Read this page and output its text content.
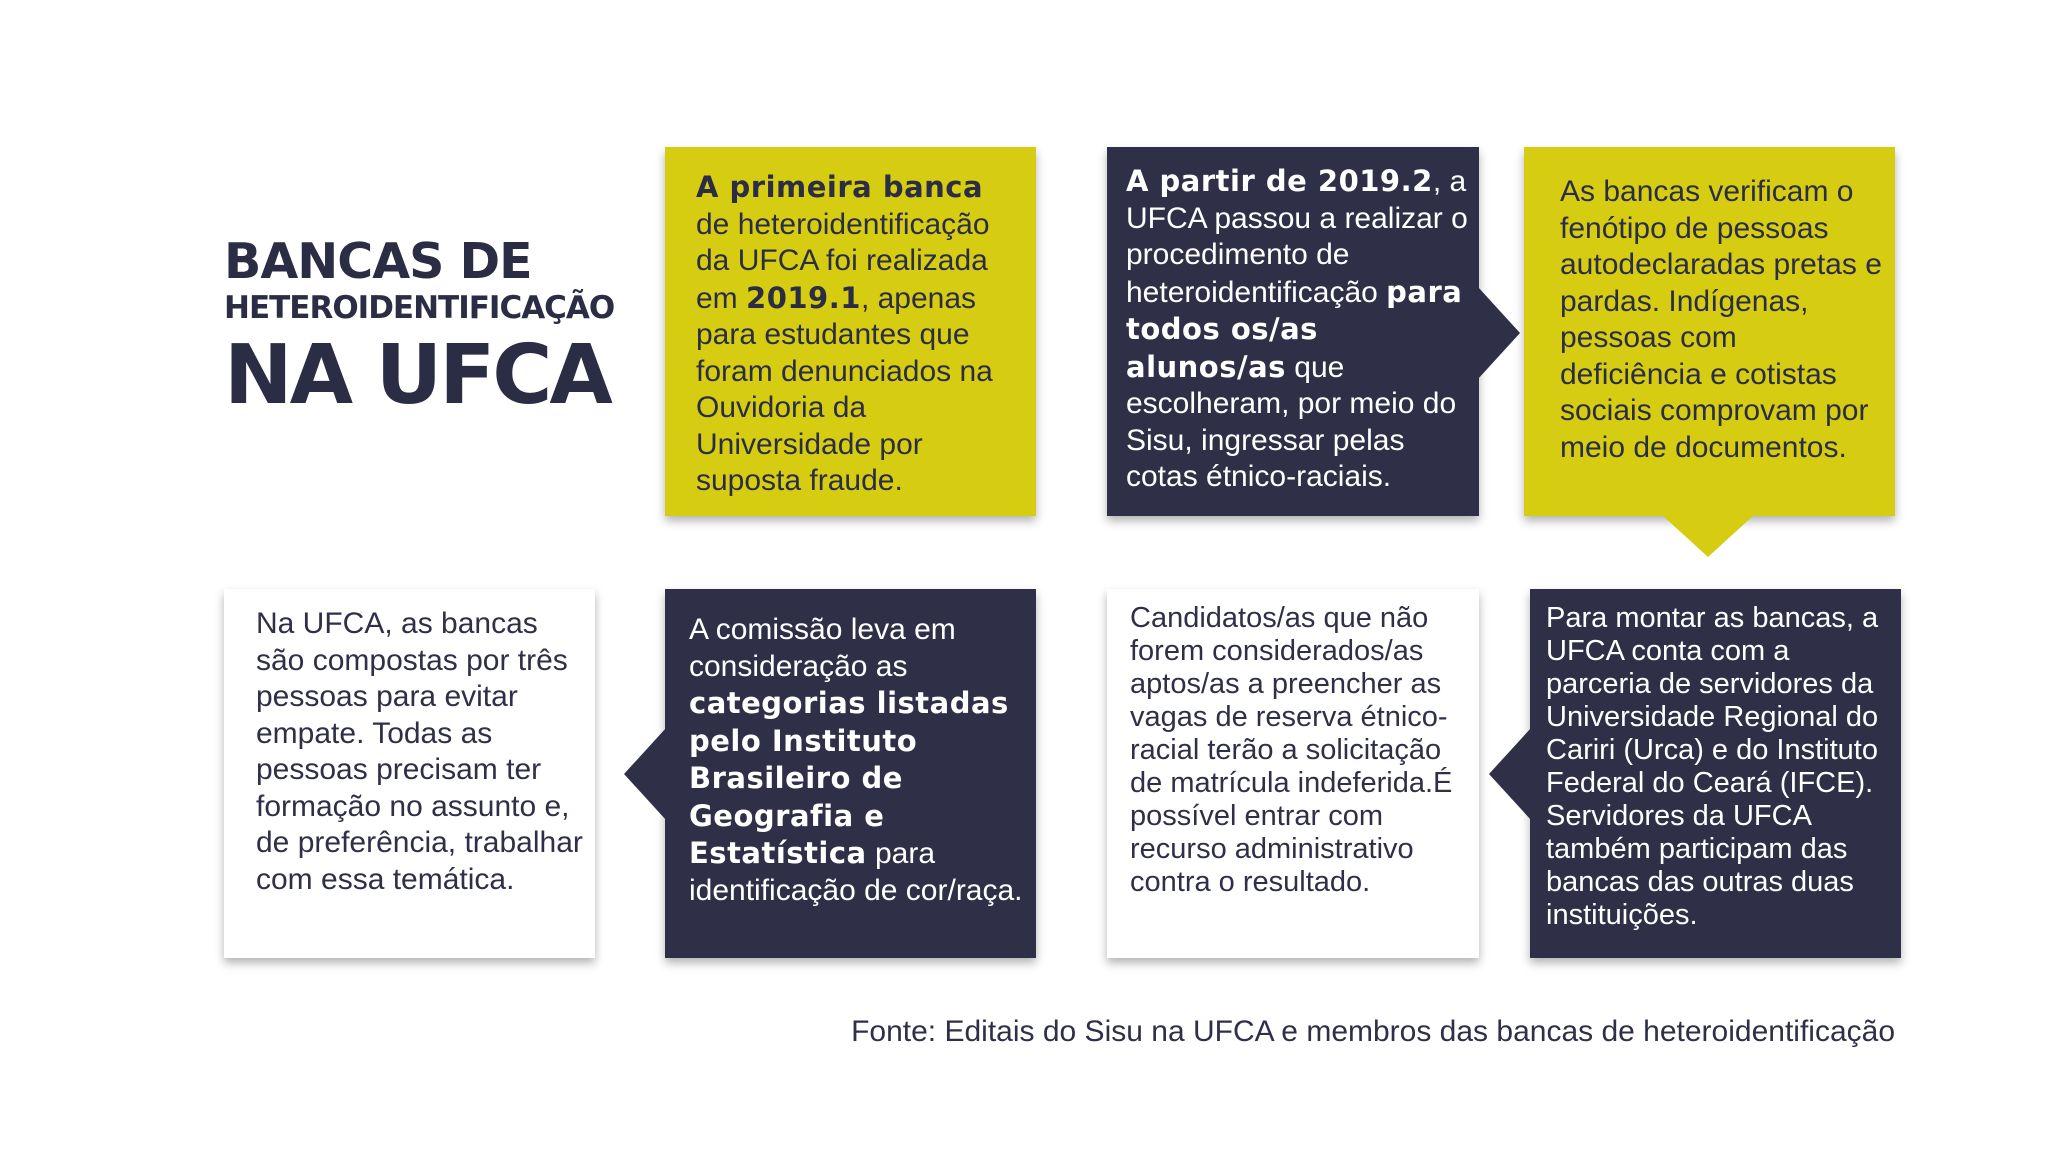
BANCAS DE
HETEROIDENTIFICAÇÃO
NA UFCA
A primeira banca de heteroidentificação da UFCA foi realizada em 2019.1, apenas para estudantes que foram denunciados na Ouvidoria da Universidade por suposta fraude.
A partir de 2019.2, a UFCA passou a realizar o procedimento de heteroidentificação para todos os/as alunos/as que escolheram, por meio do Sisu, ingressar pelas cotas étnico-raciais.
As bancas verificam o fenótipo de pessoas autodeclaradas pretas e pardas. Indígenas, pessoas com deficiência e cotistas sociais comprovam por meio de documentos.
Na UFCA, as bancas são compostas por três pessoas para evitar empate. Todas as pessoas precisam ter formação no assunto e, de preferência, trabalhar com essa temática.
A comissão leva em consideração as categorias listadas pelo Instituto Brasileiro de Geografia e Estatística para identificação de cor/raça.
Candidatos/as que não forem considerados/as aptos/as a preencher as vagas de reserva étnico-racial terão a solicitação de matrícula indeferida.É possível entrar com recurso administrativo contra o resultado.
Para montar as bancas, a UFCA conta com a parceria de servidores da Universidade Regional do Cariri (Urca) e do Instituto Federal do Ceará (IFCE). Servidores da UFCA também participam das bancas das outras duas instituições.
Fonte: Editais do Sisu na UFCA e membros das bancas de heteroidentificação
